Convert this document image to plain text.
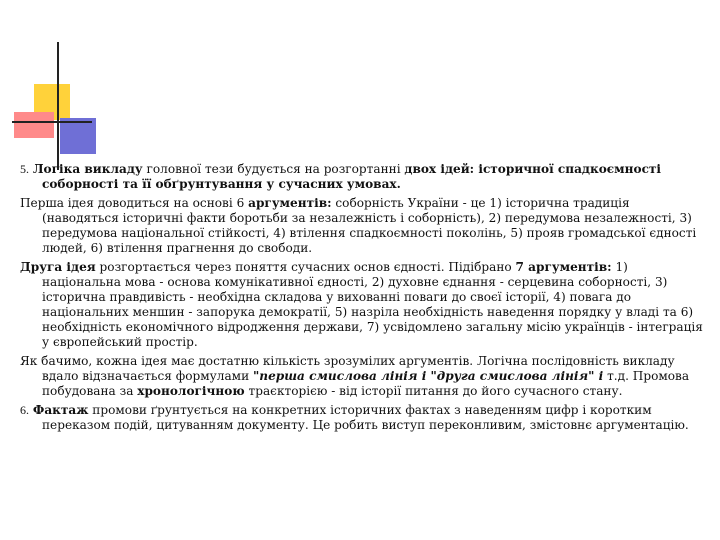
5. Логіка викладу головної тези будується на розгортанні двох ідей: історичної спадкоємності соборності та її обґрунтування у сучасних умовах.

Перша ідея доводиться на основі 6 аргументів: соборність України - це 1) історична традиція (наводяться історичні факти боротьби за незалежність і соборність), 2) передумова незалежності, 3) передумова національної стійкості, 4) втілення спадкоємності поколінь, 5) прояв громадської єдності людей, 6) втілення прагнення до свободи.

Друга ідея розгортається через поняття сучасних основ єдності. Підібрано 7 аргументів: 1) національна мова - основа комунікативної єдності, 2) духовне єднання - серцевина соборності, 3) історична правдивість - необхідна складова у вихованні поваги до своєї історії, 4) повага до національних меншин - запорука демократії, 5) назріла необхідність наведення порядку у владі та 6) необхідність економічного відродження держави, 7) усвідомлено загальну місію українців - інтеграція у європейський простір.

Як бачимо, кожна ідея має достатню кількість зрозумілих аргументів. Логічна послідовність викладу вдало відзначається формулами "перша смислова лінія і "друга смислова лінія" і т.д. Промова побудована за хронологічною траєкторією - від історії питання до його сучасного стану.

6. Фактаж промови ґрунтується на конкретних історичних фактах з наведенням цифр і коротким переказом подій, цитуванням документу. Це робить виступ переконливим, змістовнє аргументацію.
